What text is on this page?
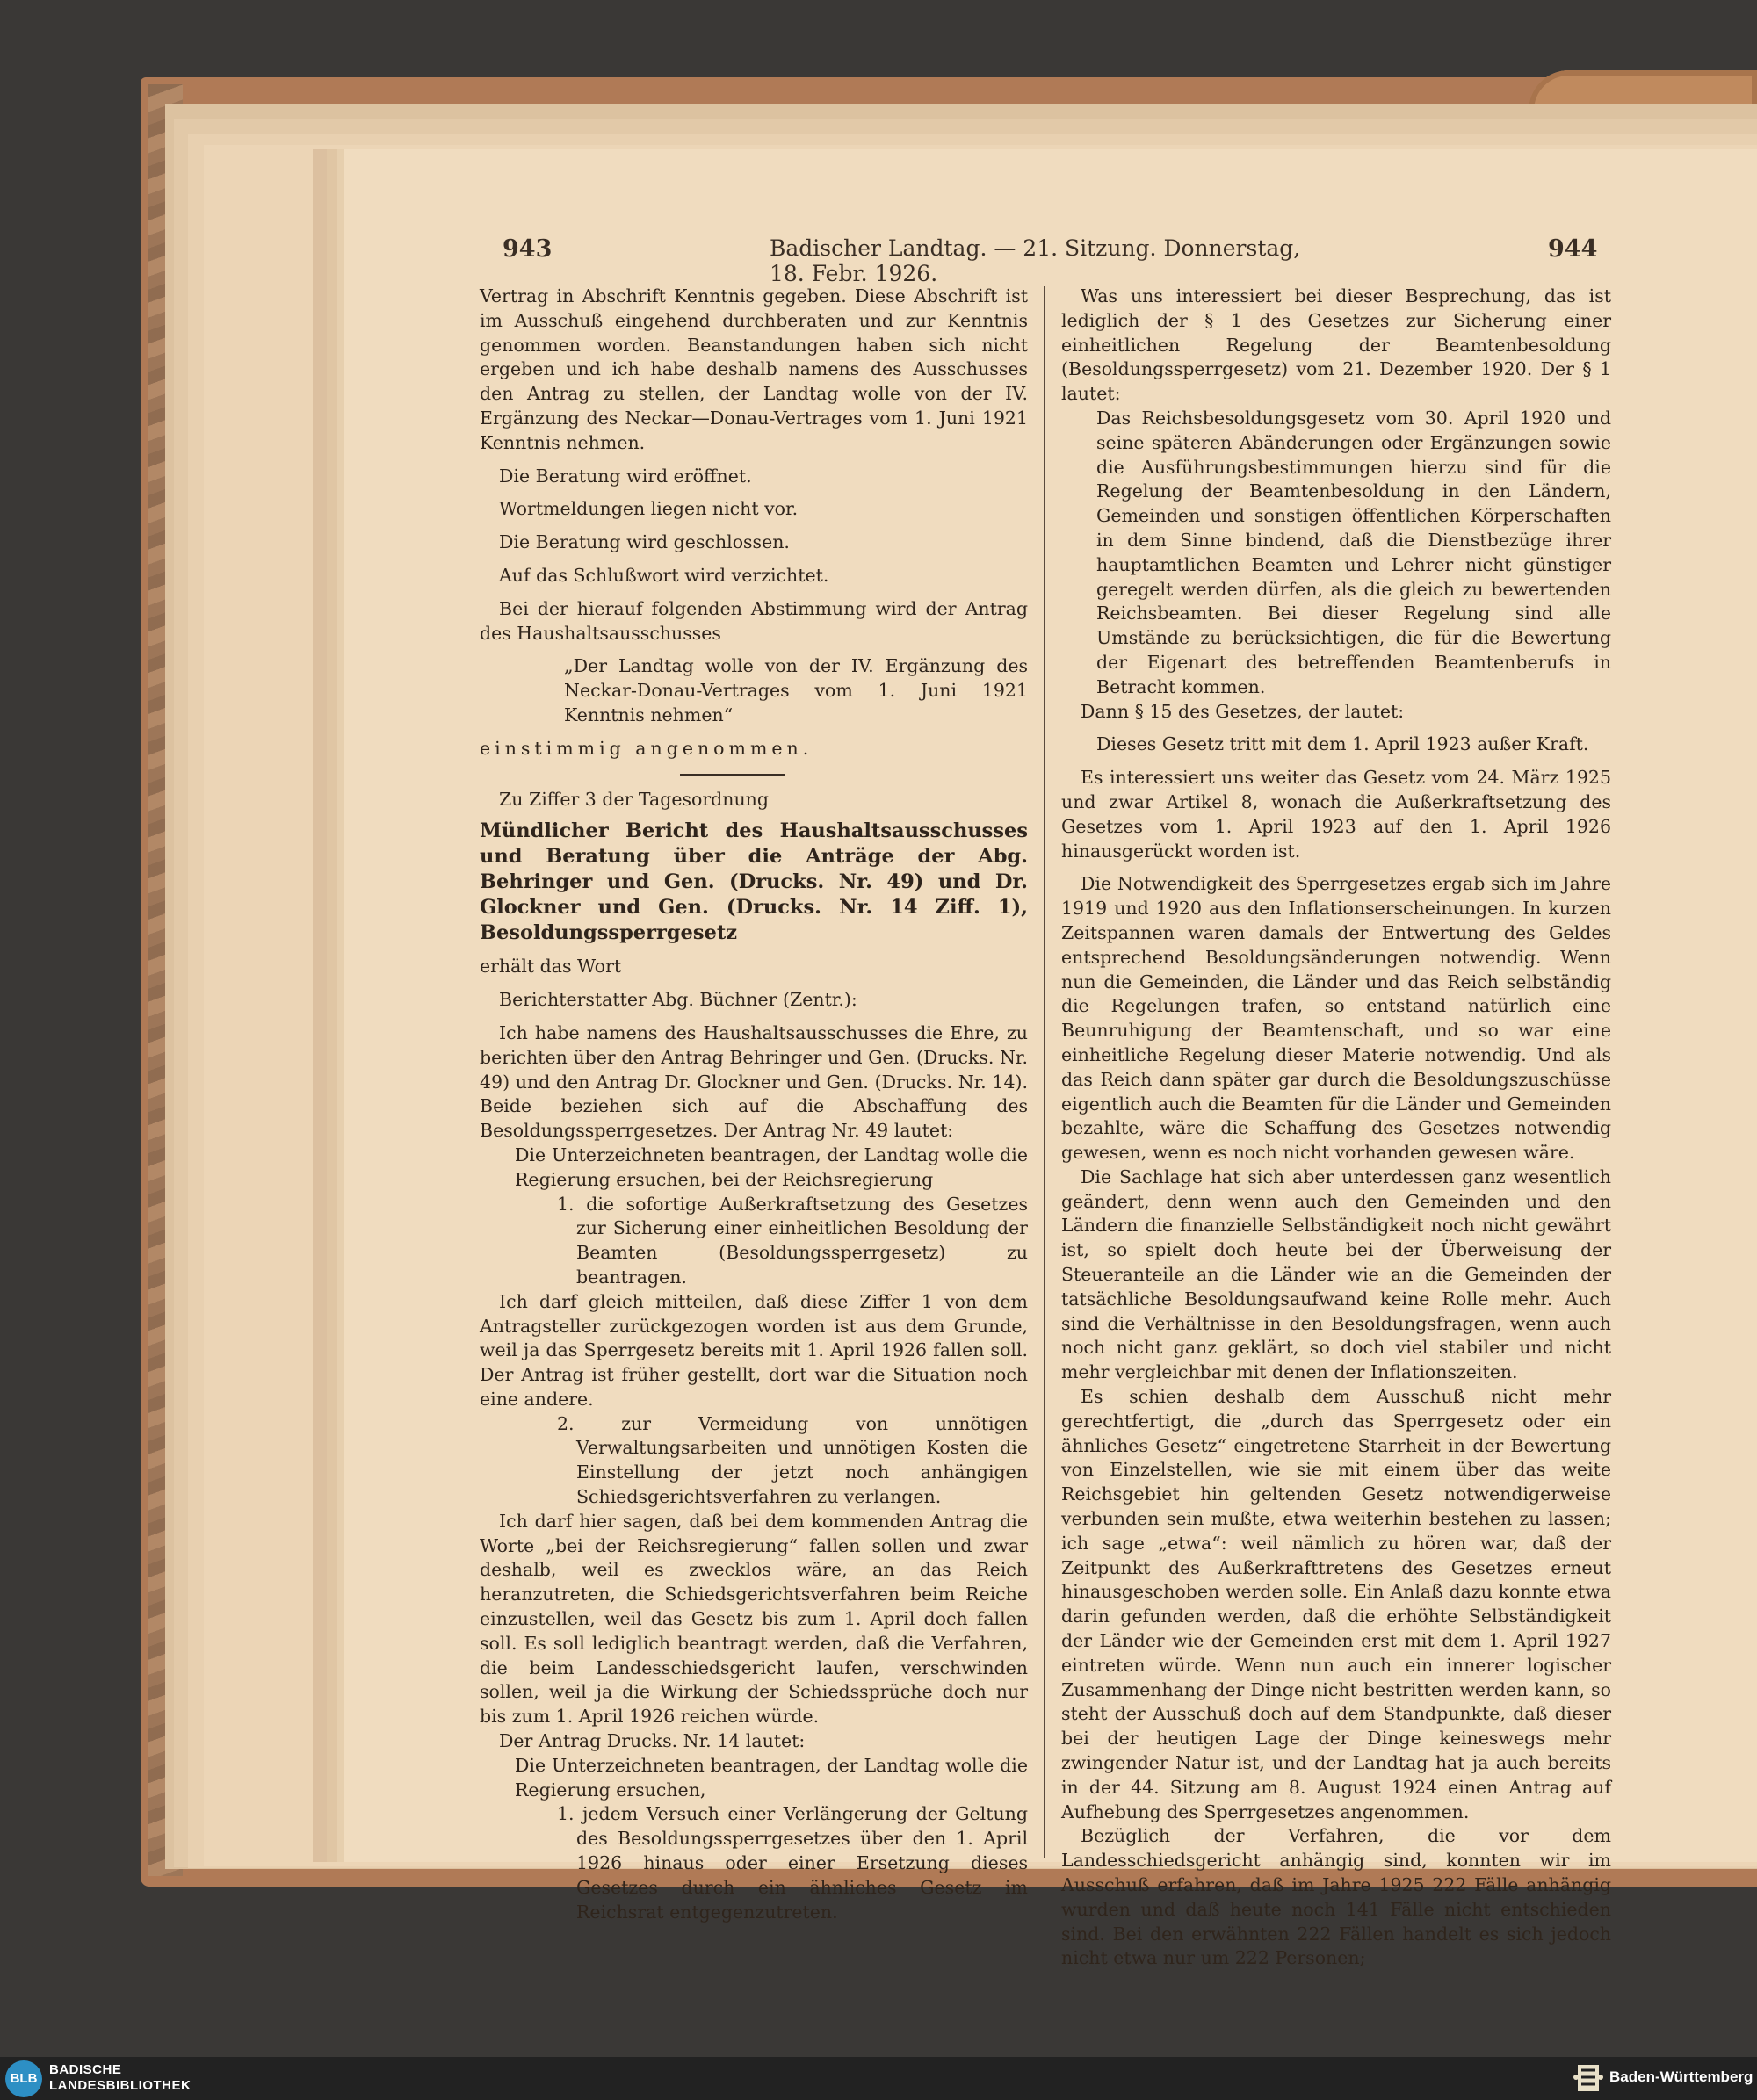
943	Badischer Landtag. — 21. Sitzung. Donnerstag, 18. Febr. 1926.
944

Vertrag in Abschrift Kenntnis gegeben. Diese Abschrift ist im Ausschuß eingehend durchberaten und zur Kenntnis genommen worden. Beanstandungen haben sich nicht ergeben und ich habe deshalb namens des Ausschusses den Antrag zu stellen, der Landtag wolle von der IV. Ergänzung des Neckar—Donau-Vertrages vom 1. Juni 1921 Kenntnis nehmen.

Die Beratung wird eröffnet.

Wortmeldungen liegen nicht vor.

Die Beratung wird geschlossen.

Auf das Schlußwort wird verzichtet.

Bei der hierauf folgenden Abstimmung wird der Antrag des Haushaltsausschusses

„Der Landtag wolle von der IV. Ergänzung des Neckar-Donau-Vertrages vom 1. Juni 1921 Kenntnis nehmen“

einstimmig angenommen.

Zu Ziffer 3 der Tagesordnung

Mündlicher Bericht des Haushaltsausschusses und Beratung über die Anträge der Abg. Behringer und Gen. (Drucks. Nr. 49) und Dr. Glockner und Gen. (Drucks. Nr. 14 Ziff. 1), Besoldungssperrgesetz

erhält das Wort

Berichterstatter Abg. Büchner (Zentr.):

Ich habe namens des Haushaltsausschusses die Ehre, zu berichten über den Antrag Behringer und Gen. (Drucks. Nr. 49) und den Antrag Dr. Glockner und Gen. (Drucks. Nr. 14). Beide beziehen sich auf die Abschaffung des Besoldungssperrgesetzes. Der Antrag Nr. 49 lautet:

Die Unterzeichneten beantragen, der Landtag wolle die Regierung ersuchen, bei der Reichsregierung

1. die sofortige Außerkraftsetzung des Gesetzes zur Sicherung einer einheitlichen Besoldung der Beamten (Besoldungssperrgesetz) zu beantragen.

Ich darf gleich mitteilen, daß diese Ziffer 1 von dem Antragsteller zurückgezogen worden ist aus dem Grunde, weil ja das Sperrgesetz bereits mit 1. April 1926 fallen soll. Der Antrag ist früher gestellt, dort war die Situation noch eine andere.

2. zur Vermeidung von unnötigen Verwaltungsarbeiten und unnötigen Kosten die Einstellung der jetzt noch anhängigen Schiedsgerichtsverfahren zu verlangen.

Ich darf hier sagen, daß bei dem kommenden Antrag die Worte „bei der Reichsregierung“ fallen sollen und zwar deshalb, weil es zwecklos wäre, an das Reich heranzutreten, die Schiedsgerichtsverfahren beim Reiche einzustellen, weil das Gesetz bis zum 1. April doch fallen soll. Es soll lediglich beantragt werden, daß die Verfahren, die beim Landesschiedsgericht laufen, verschwinden sollen, weil ja die Wirkung der Schiedssprüche doch nur bis zum 1. April 1926 reichen würde.

Der Antrag Drucks. Nr. 14 lautet:

Die Unterzeichneten beantragen, der Landtag wolle die Regierung ersuchen,

1. jedem Versuch einer Verlängerung der Geltung des Besoldungssperrgesetzes über den 1. April 1926 hinaus oder einer Ersetzung dieses Gesetzes durch ein ähnliches Gesetz im Reichsrat entgegenzutreten.

Was uns interessiert bei dieser Besprechung, das ist lediglich der § 1 des Gesetzes zur Sicherung einer einheitlichen Regelung der Beamtenbesoldung (Besoldungssperrgesetz) vom 21. Dezember 1920. Der § 1 lautet:

Das Reichsbesoldungsgesetz vom 30. April 1920 und seine späteren Abänderungen oder Ergänzungen sowie die Ausführungsbestimmungen hierzu sind für die Regelung der Beamtenbesoldung in den Ländern, Gemeinden und sonstigen öffentlichen Körperschaften in dem Sinne bindend, daß die Dienstbezüge ihrer hauptamtlichen Beamten und Lehrer nicht günstiger geregelt werden dürfen, als die gleich zu bewertenden Reichsbeamten. Bei dieser Regelung sind alle Umstände zu berücksichtigen, die für die Bewertung der Eigenart des betreffenden Beamtenberufs in Betracht kommen.

Dann § 15 des Gesetzes, der lautet:

Dieses Gesetz tritt mit dem 1. April 1923 außer Kraft.

Es interessiert uns weiter das Gesetz vom 24. März 1925 und zwar Artikel 8, wonach die Außerkraftsetzung des Gesetzes vom 1. April 1923 auf den 1. April 1926 hinausgerückt worden ist.

Die Notwendigkeit des Sperrgesetzes ergab sich im Jahre 1919 und 1920 aus den Inflationserscheinungen. In kurzen Zeitspannen waren damals der Entwertung des Geldes entsprechend Besoldungsänderungen notwendig. Wenn nun die Gemeinden, die Länder und das Reich selbständig die Regelungen trafen, so entstand natürlich eine Beunruhigung der Beamtenschaft, und so war eine einheitliche Regelung dieser Materie notwendig. Und als das Reich dann später gar durch die Besoldungszuschüsse eigentlich auch die Beamten für die Länder und Gemeinden bezahlte, wäre die Schaffung des Gesetzes notwendig gewesen, wenn es noch nicht vorhanden gewesen wäre.

Die Sachlage hat sich aber unterdessen ganz wesentlich geändert, denn wenn auch den Gemeinden und den Ländern die finanzielle Selbständigkeit noch nicht gewährt ist, so spielt doch heute bei der Überweisung der Steueranteile an die Länder wie an die Gemeinden der tatsächliche Besoldungsaufwand keine Rolle mehr. Auch sind die Verhältnisse in den Besoldungsfragen, wenn auch noch nicht ganz geklärt, so doch viel stabiler und nicht mehr vergleichbar mit denen der Inflationszeiten.

Es schien deshalb dem Ausschuß nicht mehr gerechtfertigt, die „durch das Sperrgesetz oder ein ähnliches Gesetz“ eingetretene Starrheit in der Bewertung von Einzelstellen, wie sie mit einem über das weite Reichsgebiet hin geltenden Gesetz notwendigerweise verbunden sein mußte, etwa weiterhin bestehen zu lassen; ich sage „etwa“: weil nämlich zu hören war, daß der Zeitpunkt des Außerkrafttretens des Gesetzes erneut hinausgeschoben werden solle. Ein Anlaß dazu konnte etwa darin gefunden werden, daß die erhöhte Selbständigkeit der Länder wie der Gemeinden erst mit dem 1. April 1927 eintreten würde. Wenn nun auch ein innerer logischer Zusammenhang der Dinge nicht bestritten werden kann, so steht der Ausschuß doch auf dem Standpunkte, daß dieser bei der heutigen Lage der Dinge keineswegs mehr zwingender Natur ist, und der Landtag hat ja auch bereits in der 44. Sitzung am 8. August 1924 einen Antrag auf Aufhebung des Sperrgesetzes angenommen.

Bezüglich der Verfahren, die vor dem Landesschiedsgericht anhängig sind, konnten wir im Ausschuß erfahren, daß im Jahre 1925 222 Fälle anhängig wurden und daß heute noch 141 Fälle nicht entschieden sind. Bei den erwähnten 222 Fällen handelt es sich jedoch nicht etwa nur um 222 Personen;

BLB
BADISCHE
LANDESBIBLIOTHEK
Baden-Württemberg
